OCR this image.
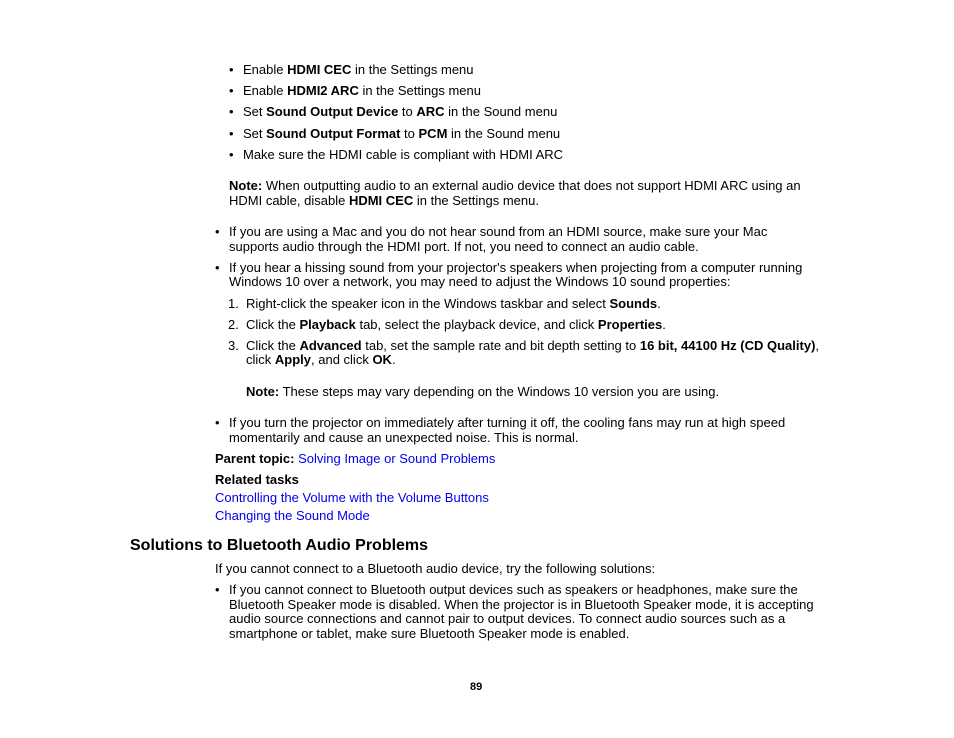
• Enable HDMI CEC in the Settings menu
• Enable HDMI2 ARC in the Settings menu
• Set Sound Output Device to ARC in the Sound menu
• Set Sound Output Format to PCM in the Sound menu
• Make sure the HDMI cable is compliant with HDMI ARC
Note: When outputting audio to an external audio device that does not support HDMI ARC using an
HDMI cable, disable HDMI CEC in the Settings menu.
• If you are using a Mac and you do not hear sound from an HDMI source, make sure your Mac
supports audio through the HDMI port. If not, you need to connect an audio cable.
• If you hear a hissing sound from your projector's speakers when projecting from a computer running
Windows 10 over a network, you may need to adjust the Windows 10 sound properties:
1. Right-click the speaker icon in the Windows taskbar and select Sounds.
2. Click the Playback tab, select the playback device, and click Properties.
3. Click the Advanced tab, set the sample rate and bit depth setting to 16 bit, 44100 Hz (CD Quality),
click Apply, and click OK.
Note: These steps may vary depending on the Windows 10 version you are using.
• If you turn the projector on immediately after turning it off, the cooling fans may run at high speed
momentarily and cause an unexpected noise. This is normal.
Parent topic: Solving Image or Sound Problems
Related tasks
Controlling the Volume with the Volume Buttons
Changing the Sound Mode
Solutions to Bluetooth Audio Problems
If you cannot connect to a Bluetooth audio device, try the following solutions:
• If you cannot connect to Bluetooth output devices such as speakers or headphones, make sure the
Bluetooth Speaker mode is disabled. When the projector is in Bluetooth Speaker mode, it is accepting
audio source connections and cannot pair to output devices. To connect audio sources such as a
smartphone or tablet, make sure Bluetooth Speaker mode is enabled.
89
